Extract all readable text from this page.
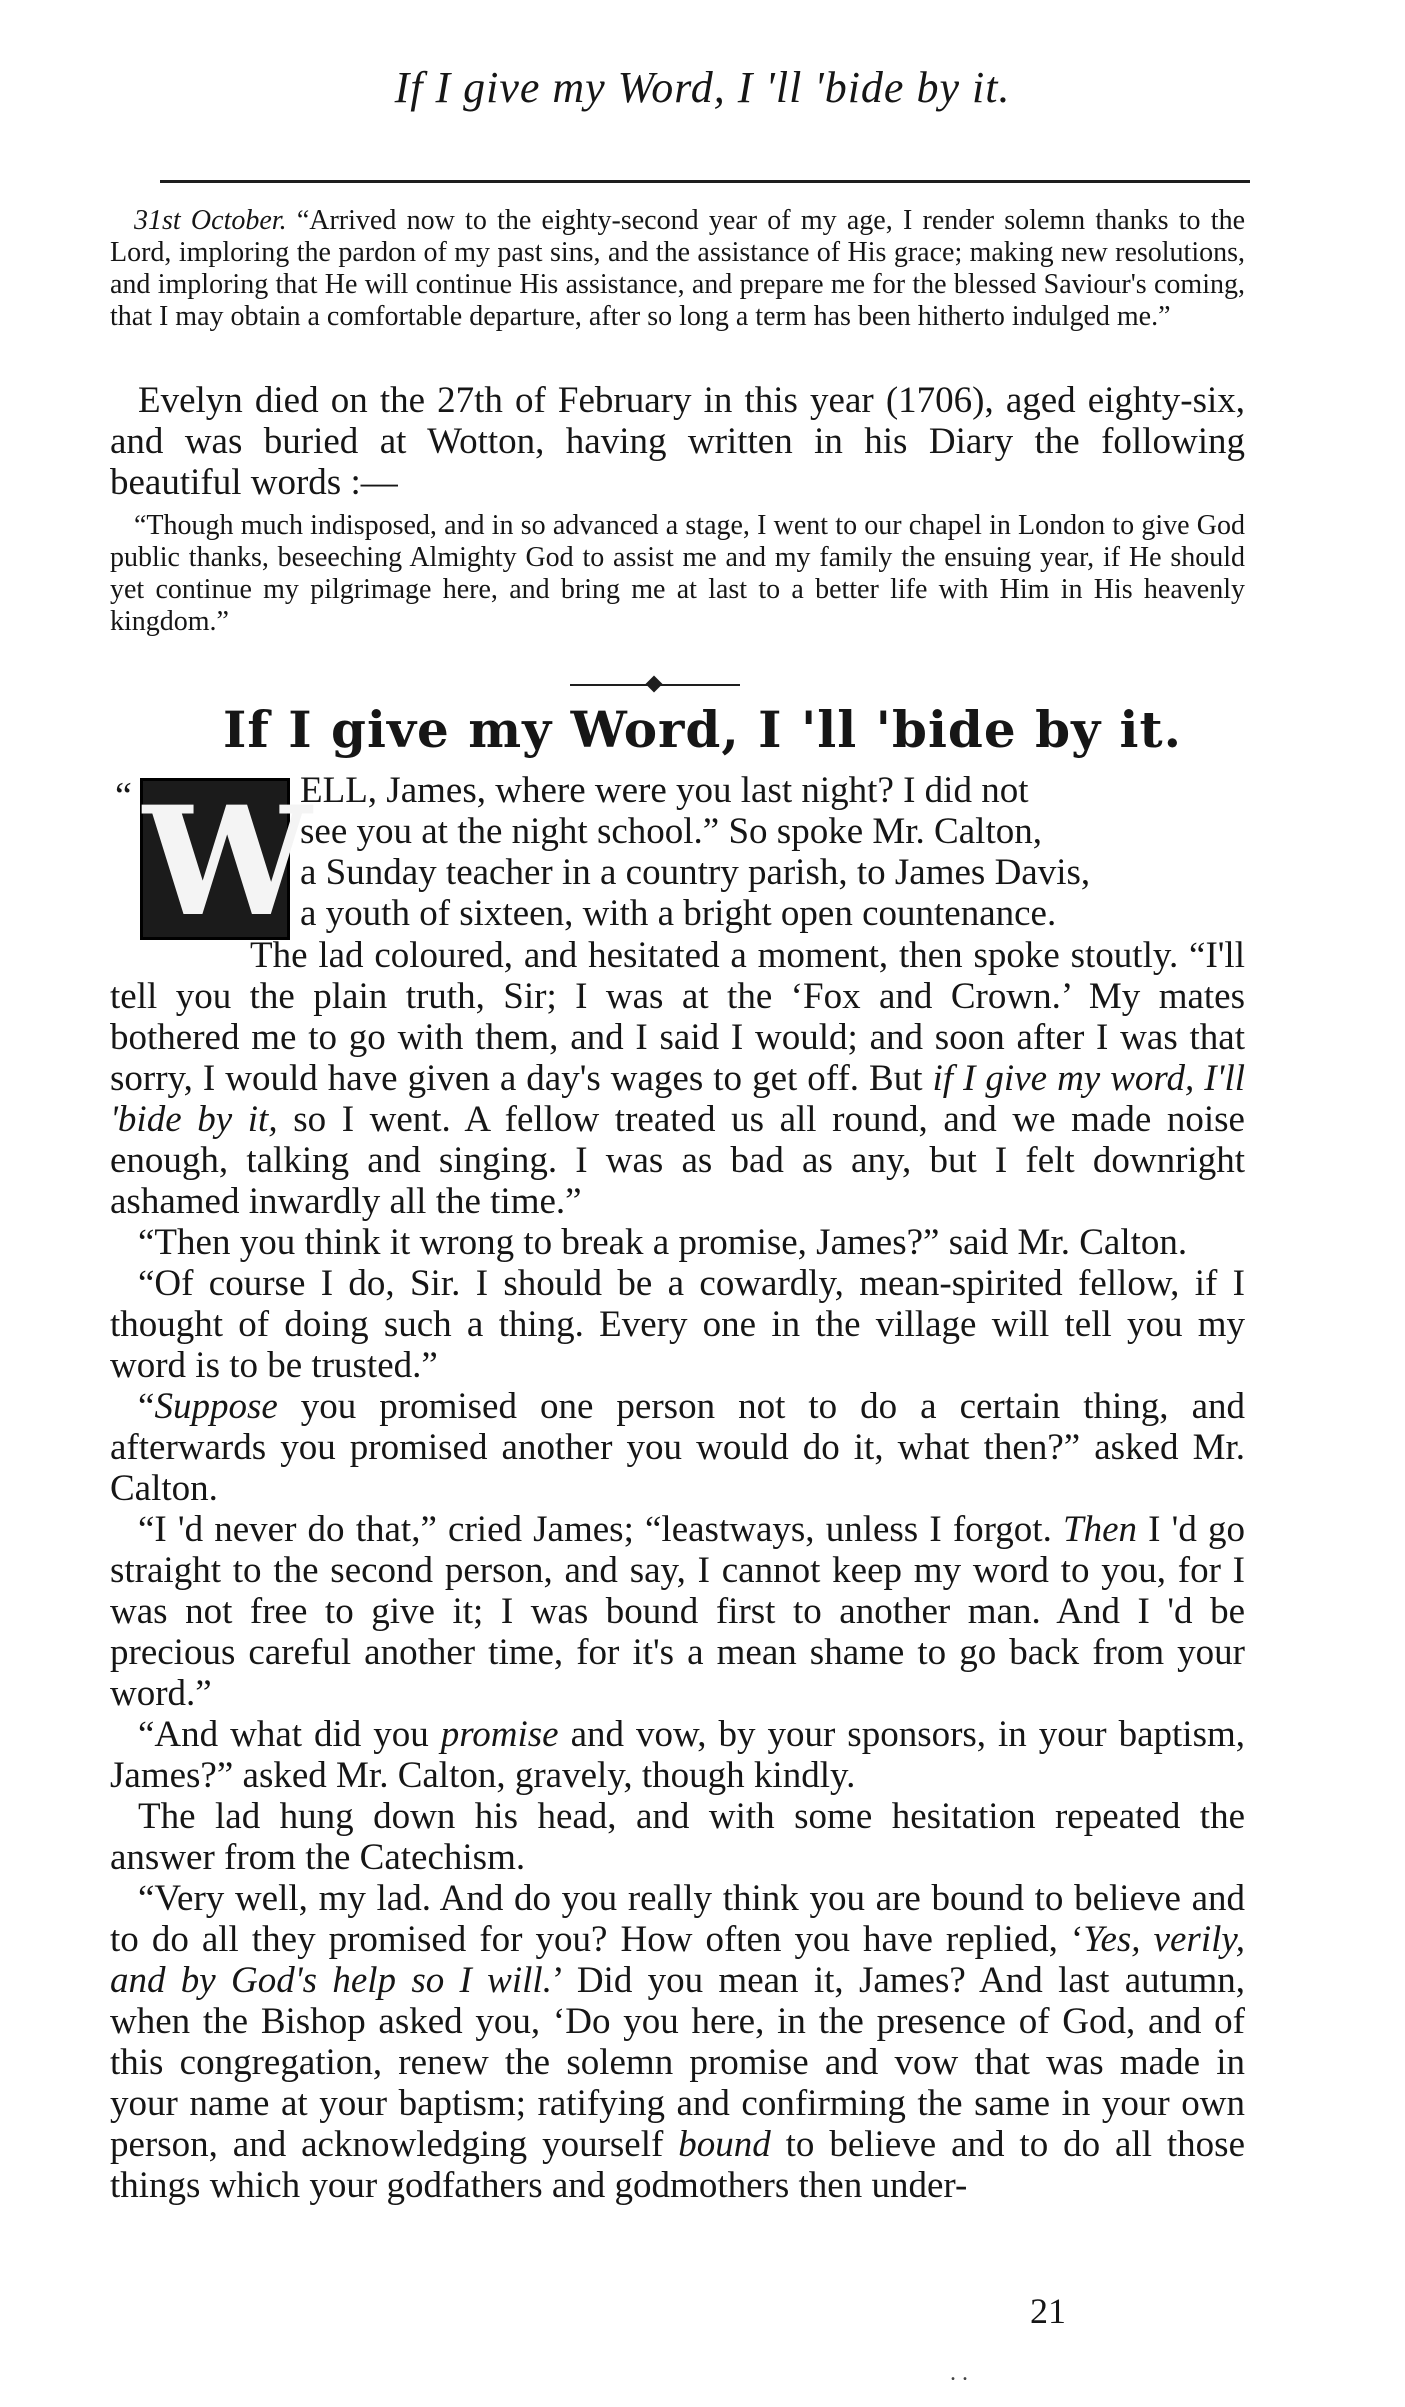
If I give my Word, I 'll 'bide by it.

31st October. “Arrived now to the eighty-second year of my age, I render solemn thanks to the Lord, imploring the pardon of my past sins, and the assistance of His grace; making new resolutions, and imploring that He will continue His assistance, and prepare me for the blessed Saviour's coming, that I may obtain a comfortable departure, after so long a term has been hitherto indulged me.”

Evelyn died on the 27th of February in this year (1706), aged eighty-six, and was buried at Wotton, having written in his Diary the following beautiful words :—

“Though much indisposed, and in so advanced a stage, I went to our chapel in London to give God public thanks, beseeching Almighty God to assist me and my family the ensuing year, if He should yet continue my pilgrimage here, and bring me at last to a better life with Him in His heavenly kingdom.”

If I give my Word, I 'll 'bide by it.
“ W
ELL, James, where were you last night? I did not
see you at the night school.” So spoke Mr. Calton,
a Sunday teacher in a country parish, to James Davis,
a youth of sixteen, with a bright open countenance.

The lad coloured, and hesitated a moment, then spoke stoutly. “I'll tell you the plain truth, Sir; I was at the ‘Fox and Crown.’ My mates bothered me to go with them, and I said I would; and soon after I was that sorry, I would have given a day's wages to get off. But if I give my word, I'll 'bide by it, so I went. A fellow treated us all round, and we made noise enough, talking and singing. I was as bad as any, but I felt downright ashamed inwardly all the time.”

“Then you think it wrong to break a promise, James?” said Mr. Calton.

“Of course I do, Sir. I should be a cowardly, mean-spirited fellow, if I thought of doing such a thing. Every one in the village will tell you my word is to be trusted.”

“Suppose you promised one person not to do a certain thing, and afterwards you promised another you would do it, what then?” asked Mr. Calton.

“I 'd never do that,” cried James; “leastways, unless I forgot. Then I 'd go straight to the second person, and say, I cannot keep my word to you, for I was not free to give it; I was bound first to another man. And I 'd be precious careful another time, for it's a mean shame to go back from your word.”

“And what did you promise and vow, by your sponsors, in your baptism, James?” asked Mr. Calton, gravely, though kindly.

The lad hung down his head, and with some hesitation repeated the answer from the Catechism.

“Very well, my lad. And do you really think you are bound to believe and to do all they promised for you? How often you have replied, ‘Yes, verily, and by God's help so I will.’ Did you mean it, James? And last autumn, when the Bishop asked you, ‘Do you here, in the presence of God, and of this congregation, renew the solemn promise and vow that was made in your name at your baptism; ratifying and confirming the same in your own person, and acknowledging yourself bound to believe and to do all those things which your godfathers and godmothers then under-

21
. .
